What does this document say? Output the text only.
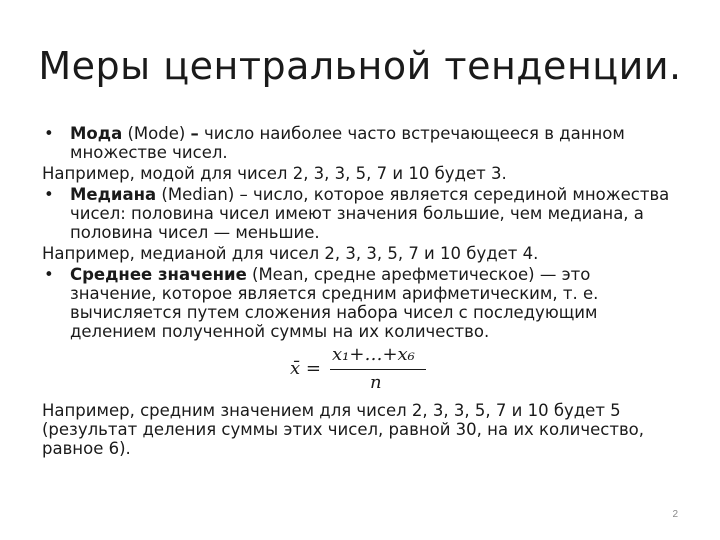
Меры центральной тенденции.

• Мода (Mode) – число наиболее часто встречающееся в данном множестве чисел.

Например, модой для чисел 2, 3, 3, 5, 7 и 10 будет 3.

• Медиана (Median) – число, которое является серединой множества чисел: половина чисел имеют значения большие, чем медиана, а половина чисел — меньшие.

Например, медианой для чисел 2, 3, 3, 5, 7 и 10 будет 4.

• Среднее значение (Mean, средне арефметическое) — это значение, которое является средним арифметическим, т. е. вычисляется путем сложения набора чисел с последующим делением полученной суммы на их количество.

x̄ =
x₁+…+x₆
n

Например, средним значением для чисел 2, 3, 3, 5, 7 и 10 будет 5 (результат деления суммы этих чисел, равной 30, на их количество, равное 6).

2
